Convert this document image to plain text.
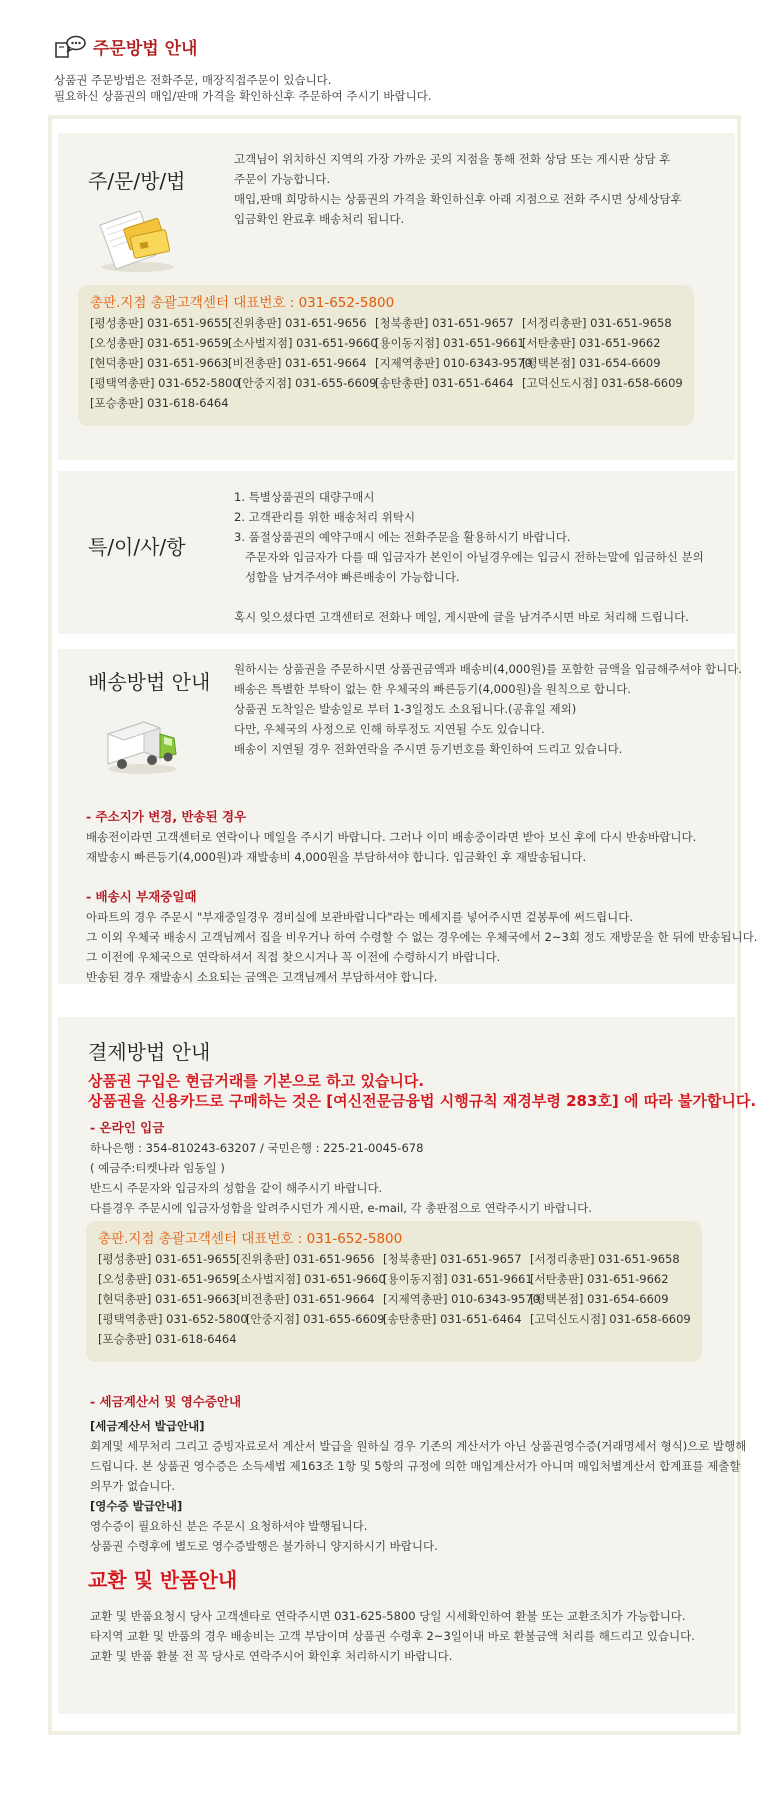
주문방법 안내
상품권 주문방법은 전화주문, 매장직접주문이 있습니다.
필요하신 상품권의 매입/판매 가격을 확인하신후 주문하여 주시기 바랍니다.
주/문/방/법
고객님이 위치하신 지역의 가장 가까운 곳의 지점을 통해 전화 상담 또는 게시판 상담 후
주문이 가능합니다.
매입,판매 희망하시는 상품권의 가격을 확인하신후 아래 지점으로 전화 주시면 상세상담후
입금확인 완료후 배송처리 됩니다.
총판.지점 총괄고객센터 대표번호 : 031-652-5800
[평성총판] 031-651-9655 [진위총판] 031-651-9656 [청북총판] 031-651-9657 [서정리총판] 031-651-9658
[오성총판] 031-651-9659 [소사벌지점] 031-651-9660
[용이동지점] 031-651-9661
[서탄총판] 031-651-9662
[현덕총판] 031-651-9663 [비전총판] 031-651-9664 [지제역총판] 010-6343-9570
[평택본점] 031-654-6609
[평택역총판] 031-652-5800
[안중지점] 031-655-6609
[송탄총판] 031-651-6464 [고덕신도시점] 031-658-6609
[포승총판] 031-618-6464
특/이/사/항
1. 특별상품권의 대량구매시
2. 고객관리를 위한 배송처리 위탁시
3. 품절상품권의 예약구매시 에는 전화주문을 활용하시기 바랍니다.
주문자와 입금자가 다를 때 입금자가 본인이 아닐경우에는 입금시 전하는말에 입금하신 분의
성함을 남겨주셔야 빠른배송이 가능합니다.
혹시 잊으셨다면 고객센터로 전화나 메일, 게시판에 글을 남겨주시면 바로 처리해 드립니다.
배송방법 안내
원하시는 상품권을 주문하시면 상품권금액과 배송비(4,000원)를 포함한 금액을 입금해주셔야 합니다.
배송은 특별한 부탁이 없는 한 우체국의 빠른등기(4,000원)을 원칙으로 합니다.
상품권 도착일은 발송일로 부터 1-3일정도 소요됩니다.(공휴일 제외)
다만, 우체국의 사정으로 인해 하루정도 지연될 수도 있습니다.
배송이 지연될 경우 전화연락을 주시면 등기번호를 확인하여 드리고 있습니다.
- 주소지가 변경, 반송된 경우
배송전이라면 고객센터로 연락이나 메일을 주시기 바랍니다. 그러나 이미 배송중이라면 받아 보신 후에 다시 반송바랍니다.
재발송시 빠른등기(4,000원)과 재발송비 4,000원을 부담하셔야 합니다. 입금확인 후 재발송됩니다.
- 배송시 부재중일때
아파트의 경우 주문시 "부재중일경우 경비실에 보관바랍니다"라는 메세지를 넣어주시면 겉봉투에 써드립니다.
그 이외 우체국 배송시 고객님께서 집을 비우거나 하여 수령할 수 없는 경우에는 우체국에서 2~3회 정도 재방문을 한 뒤에 반송됩니다.
그 이전에 우체국으로 연락하셔서 직접 찾으시거나 꼭 이전에 수령하시기 바랍니다.
반송된 경우 재발송시 소요되는 금액은 고객님께서 부담하셔야 합니다.
결제방법 안내
상품권 구입은 현금거래를 기본으로 하고 있습니다.
상품권을 신용카드로 구매하는 것은 [여신전문금융법 시행규칙 재경부령 283호] 에 따라 불가합니다.
- 온라인 입금
하나은행 : 354-810243-63207 / 국민은행 : 225-21-0045-678
( 예금주:티켓나라 임동일 )
반드시 주문자와 입금자의 성함을 같이 해주시기 바랍니다.
다를경우 주문시에 입금자성함을 알려주시던가 게시판, e-mail, 각 총판점으로 연락주시기 바랍니다.
총판.지점 총괄고객센터 대표번호 : 031-652-5800
[평성총판] 031-651-9655 [진위총판] 031-651-9656 [청북총판] 031-651-9657 [서정리총판] 031-651-9658
[오성총판] 031-651-9659 [소사벌지점] 031-651-9660
[용이동지점] 031-651-9661
[서탄총판] 031-651-9662
[현덕총판] 031-651-9663 [비전총판] 031-651-9664 [지제역총판] 010-6343-9570
[평택본점] 031-654-6609
[평택역총판] 031-652-5800
[안중지점] 031-655-6609
[송탄총판] 031-651-6464 [고덕신도시점] 031-658-6609
[포승총판] 031-618-6464
- 세금계산서 및 영수증안내
[세금계산서 발급안내]
회계및 세무처리 그리고 증빙자료로서 계산서 발급을 원하실 경우 기존의 계산서가 아닌 상품권영수증(거래명세서 형식)으로 발행해
드립니다. 본 상품권 영수증은 소득세법 제163조 1항 및 5항의 규정에 의한 매입계산서가 아니며 매입처별계산서 합계표를 제출할
의무가 없습니다.
[영수증 발급안내]
영수증이 필요하신 분은 주문시 요청하셔야 발행됩니다.
상품권 수령후에 별도로 영수증발행은 불가하니 양지하시기 바랍니다.
교환 및 반품안내
교환 및 반품요청시 당사 고객센타로 연락주시면 031-625-5800 당일 시세확인하여 환불 또는 교환조치가 가능합니다.
타지역 교환 및 반품의 경우 배송비는 고객 부담이며 상품권 수령후 2~3일이내 바로 환불금액 처리를 해드리고 있습니다.
교환 및 반품 환불 전 꼭 당사로 연락주시어 확인후 처리하시기 바랍니다.
